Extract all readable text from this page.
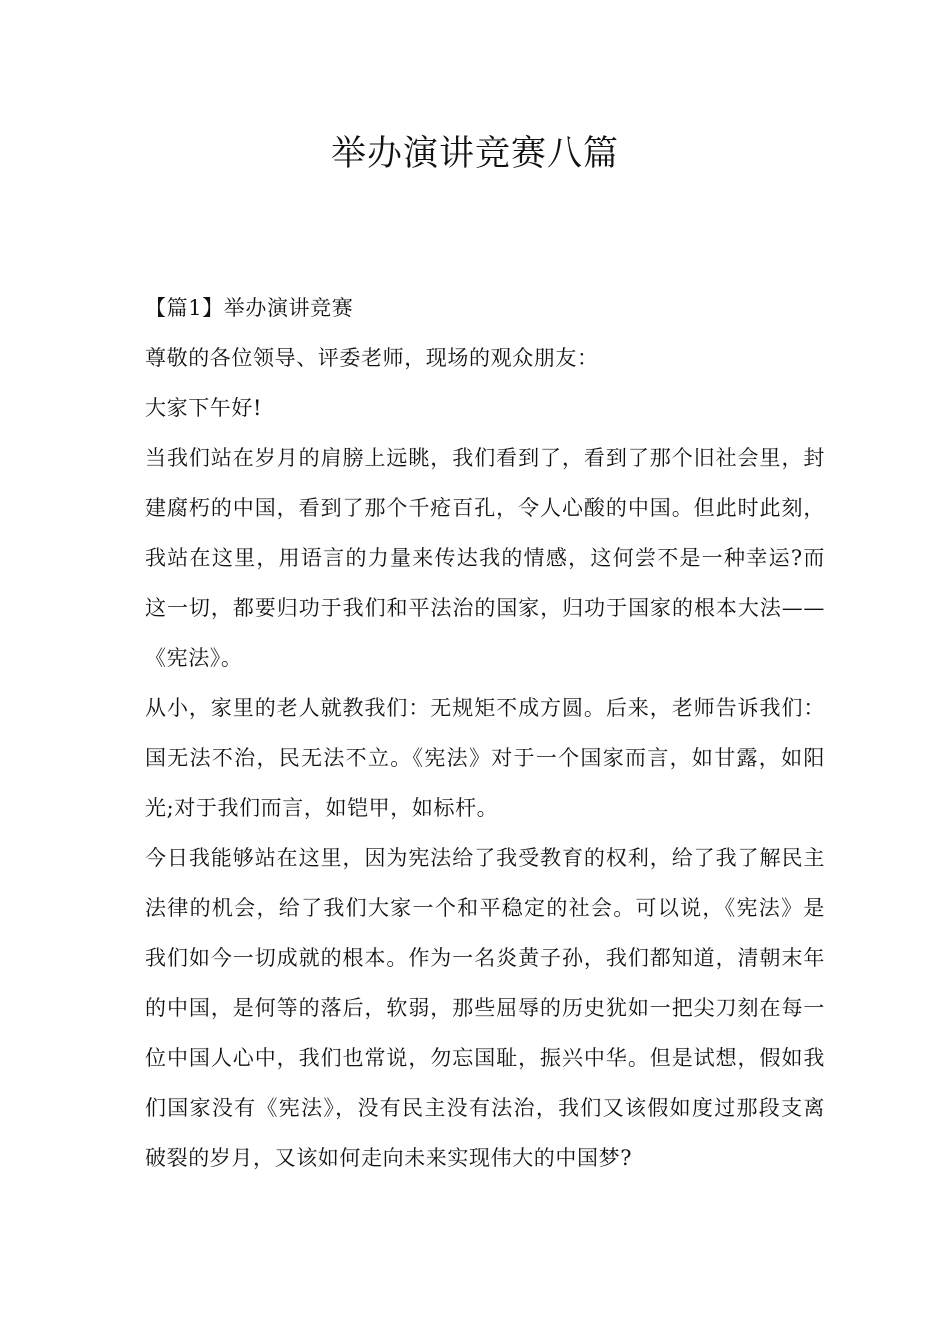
举办演讲竞赛八篇

【篇1】举办演讲竞赛

尊敬的各位领导、评委老师，现场的观众朋友：

大家下午好!

当我们站在岁月的肩膀上远眺，我们看到了，看到了那个旧社会里，封建腐朽的中国，看到了那个千疮百孔，令人心酸的中国。但此时此刻，我站在这里，用语言的力量来传达我的情感，这何尝不是一种幸运?而这一切，都要归功于我们和平法治的国家，归功于国家的根本大法——《宪法》。

从小，家里的老人就教我们：无规矩不成方圆。后来，老师告诉我们：国无法不治，民无法不立。《宪法》对于一个国家而言，如甘露，如阳光;对于我们而言，如铠甲，如标杆。

今日我能够站在这里，因为宪法给了我受教育的权利，给了我了解民主法律的机会，给了我们大家一个和平稳定的社会。可以说，《宪法》是我们如今一切成就的根本。作为一名炎黄子孙，我们都知道，清朝末年的中国，是何等的落后，软弱，那些屈辱的历史犹如一把尖刀刻在每一位中国人心中，我们也常说，勿忘国耻，振兴中华。但是试想，假如我们国家没有《宪法》，没有民主没有法治，我们又该假如度过那段支离破裂的岁月，又该如何走向未来实现伟大的中国梦?
